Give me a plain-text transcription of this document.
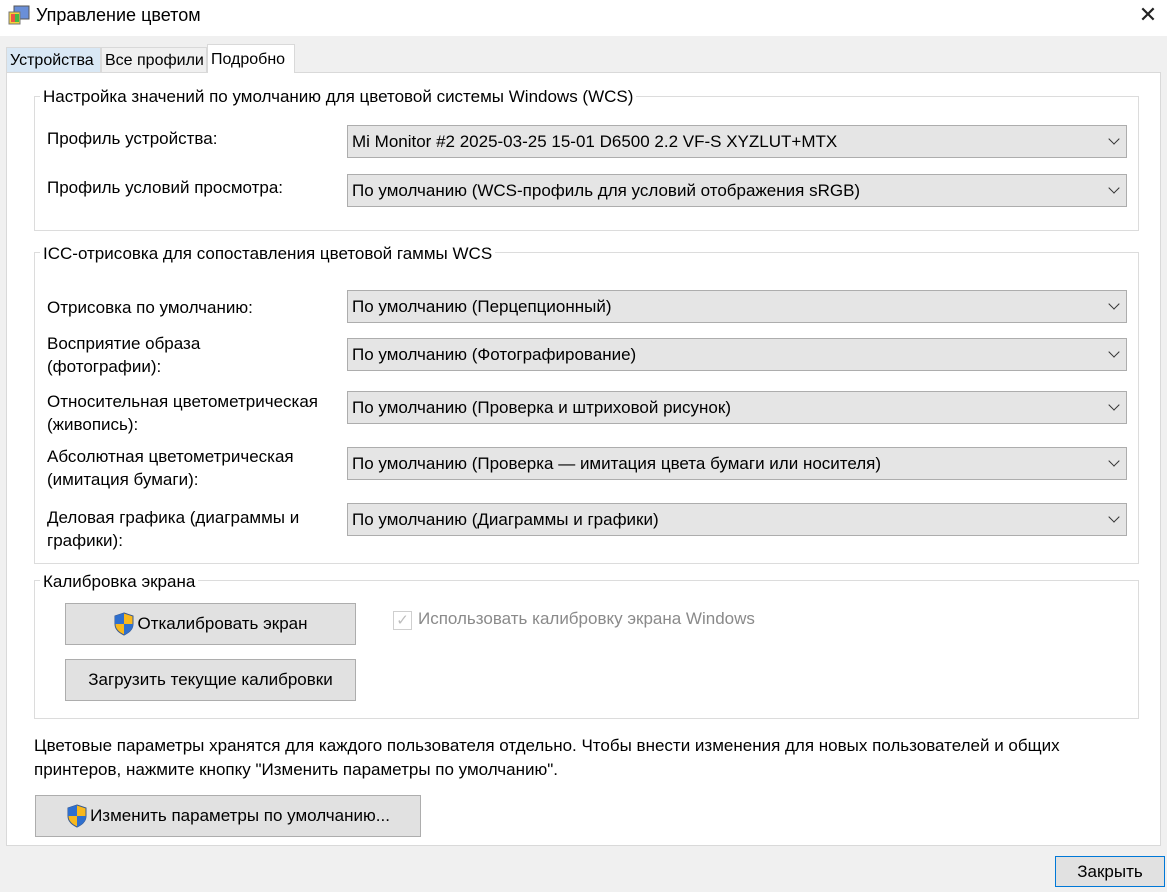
Управление цветом	✕
Устройства Все профили Подробно
Настройка значений по умолчанию для цветовой системы Windows (WCS)
Профиль устройства:	Mi Monitor #2 2025-03-25 15-01 D6500 2.2 VF-S XYZLUT+MTX
Профиль условий просмотра:	По умолчанию (WCS-профиль для условий отображения sRGB)
ICC-отрисовка для сопоставления цветовой гаммы WCS
Отрисовка по умолчанию:	По умолчанию (Перцепционный)
Восприятие образа (фотографии):
По умолчанию (Фотографирование)
Относительная цветометрическая (живопись):
По умолчанию (Проверка и штриховой рисунок)
Абсолютная цветометрическая (имитация бумаги):
По умолчанию (Проверка — имитация цвета бумаги или носителя)
Деловая графика (диаграммы и графики):
По умолчанию (Диаграммы и графики)
Калибровка экрана
Откалибровать экран
Загрузить текущие калибровки
✓ Использовать калибровку экрана Windows

Цветовые параметры хранятся для каждого пользователя отдельно. Чтобы внести изменения для новых пользователей и общих принтеров, нажмите кнопку "Изменить параметры по умолчанию".

Изменить параметры по умолчанию...
Закрыть
